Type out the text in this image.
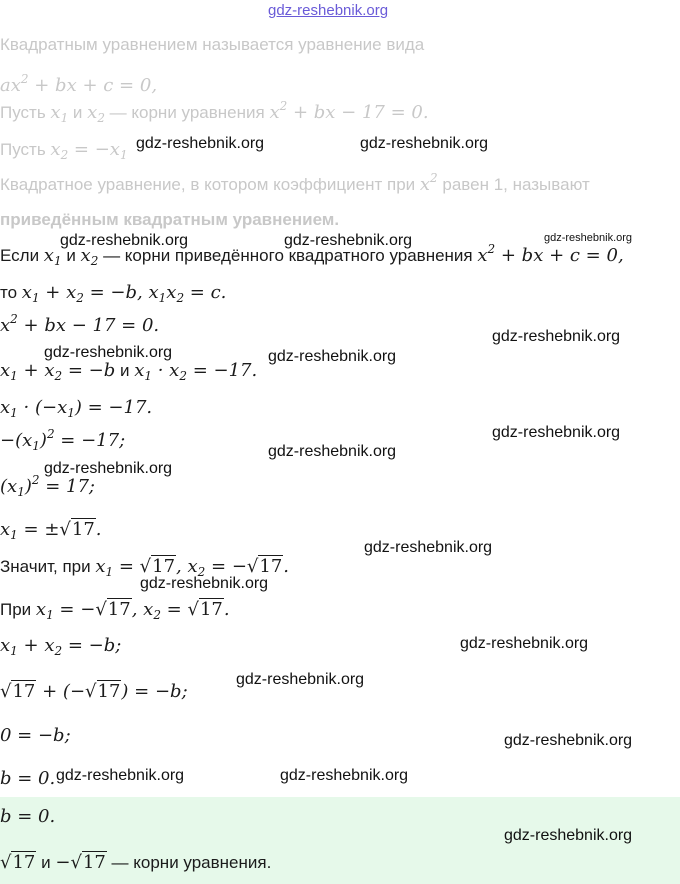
gdz-reshebnik.org
gdz-reshebnik.org	gdz-reshebnik.org
gdz-reshebnik.org	gdz-reshebnik.org	gdz-reshebnik.org
gdz-reshebnik.org
gdz-reshebnik.org	gdz-reshebnik.org
gdz-reshebnik.org
gdz-reshebnik.org
gdz-reshebnik.org
gdz-reshebnik.org
gdz-reshebnik.org
gdz-reshebnik.org
gdz-reshebnik.org
gdz-reshebnik.org
gdz-reshebnik.org	gdz-reshebnik.org
gdz-reshebnik.org
Квадратным уравнением называется уравнение вида
$ax^2$ + bx + c = 0,
Пусть $x_1$ и $x_2$ — корни уравнения $x^2$ + bx − 17 = 0.
Пусть $x_2 = -x_1$
Квадратное уравнение, в котором коэффициент при $x^2$ равен 1, называют
приведённым квадратным уравнением.
Если $x_1$ и $x_2$ — корни приведённого квадратного уравнения $x^2$ + bx + c = 0,
то $x_1 + x_2 = -b$, $x_1x_2 = c$.
$x^2$ + bx − 17 = 0.
$x_1 + x_2 = -b$ и $x_1 \cdot x_2 = -17$.
$x_1 \cdot (-x_1) = -17$.
$-(x_1)^2 = -17$;
$(x_1)^2 = 17$;
$x_1 = \pm√17$.
Значит, при $x_1 = √17$, $x_2 = -√17$.
При $x_1 = -√17$, $x_2 = √17$.
$x_1 + x_2 = -b$;
√17 + (−√17) = −b;
0 = −b;
b = 0.
b = 0.
√17 и −√17 — корни уравнения.
